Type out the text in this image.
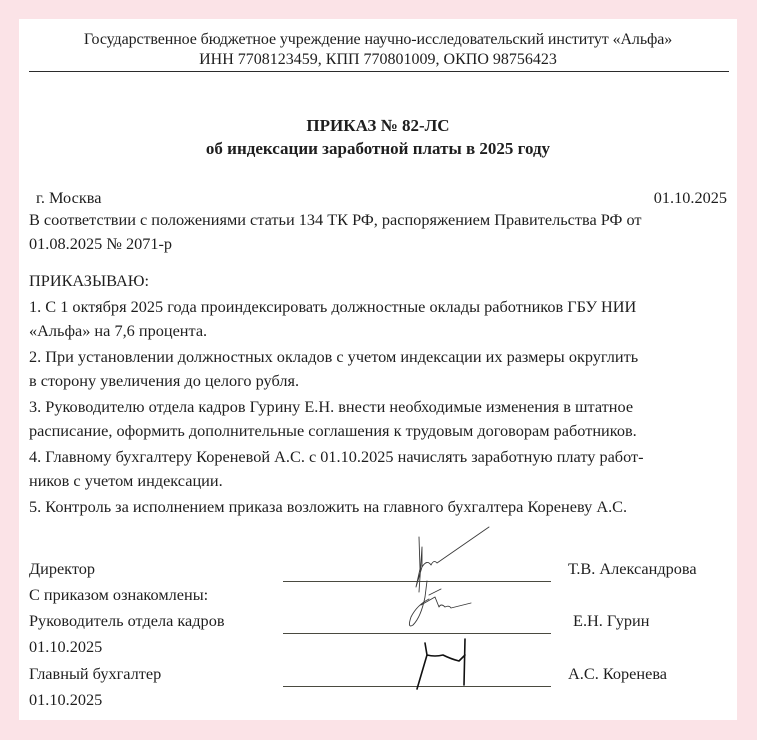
Государственное бюджетное учреждение научно-исследовательский институт «Альфа»
ИНН 7708123459, КПП 770801009, ОКПО 98756423
ПРИКАЗ № 82-ЛС
об индексации заработной платы в 2025 году
г. Москва	01.10.2025
В соответствии с положениями статьи 134 ТК РФ, распоряжением Правительства РФ от
01.08.2025 № 2071-р
ПРИКАЗЫВАЮ:
1. С 1 октября 2025 года проиндексировать должностные оклады работников ГБУ НИИ
«Альфа» на 7,6 процента.
2. При установлении должностных окладов с учетом индексации их размеры округлить
в сторону увеличения до целого рубля.
3. Руководителю отдела кадров Гурину Е.Н. внести необходимые изменения в штатное
расписание, оформить дополнительные соглашения к трудовым договорам работников.
4. Главному бухгалтеру Кореневой А.С. с 01.10.2025 начислять заработную плату работ-
ников с учетом индексации.
5. Контроль за исполнением приказа возложить на главного бухгалтера Кореневу А.С.
Директор	Т.В. Александрова
С приказом ознакомлены:
Руководитель отдела кадров	Е.Н. Гурин
01.10.2025
Главный бухгалтер	А.С. Коренева
01.10.2025
